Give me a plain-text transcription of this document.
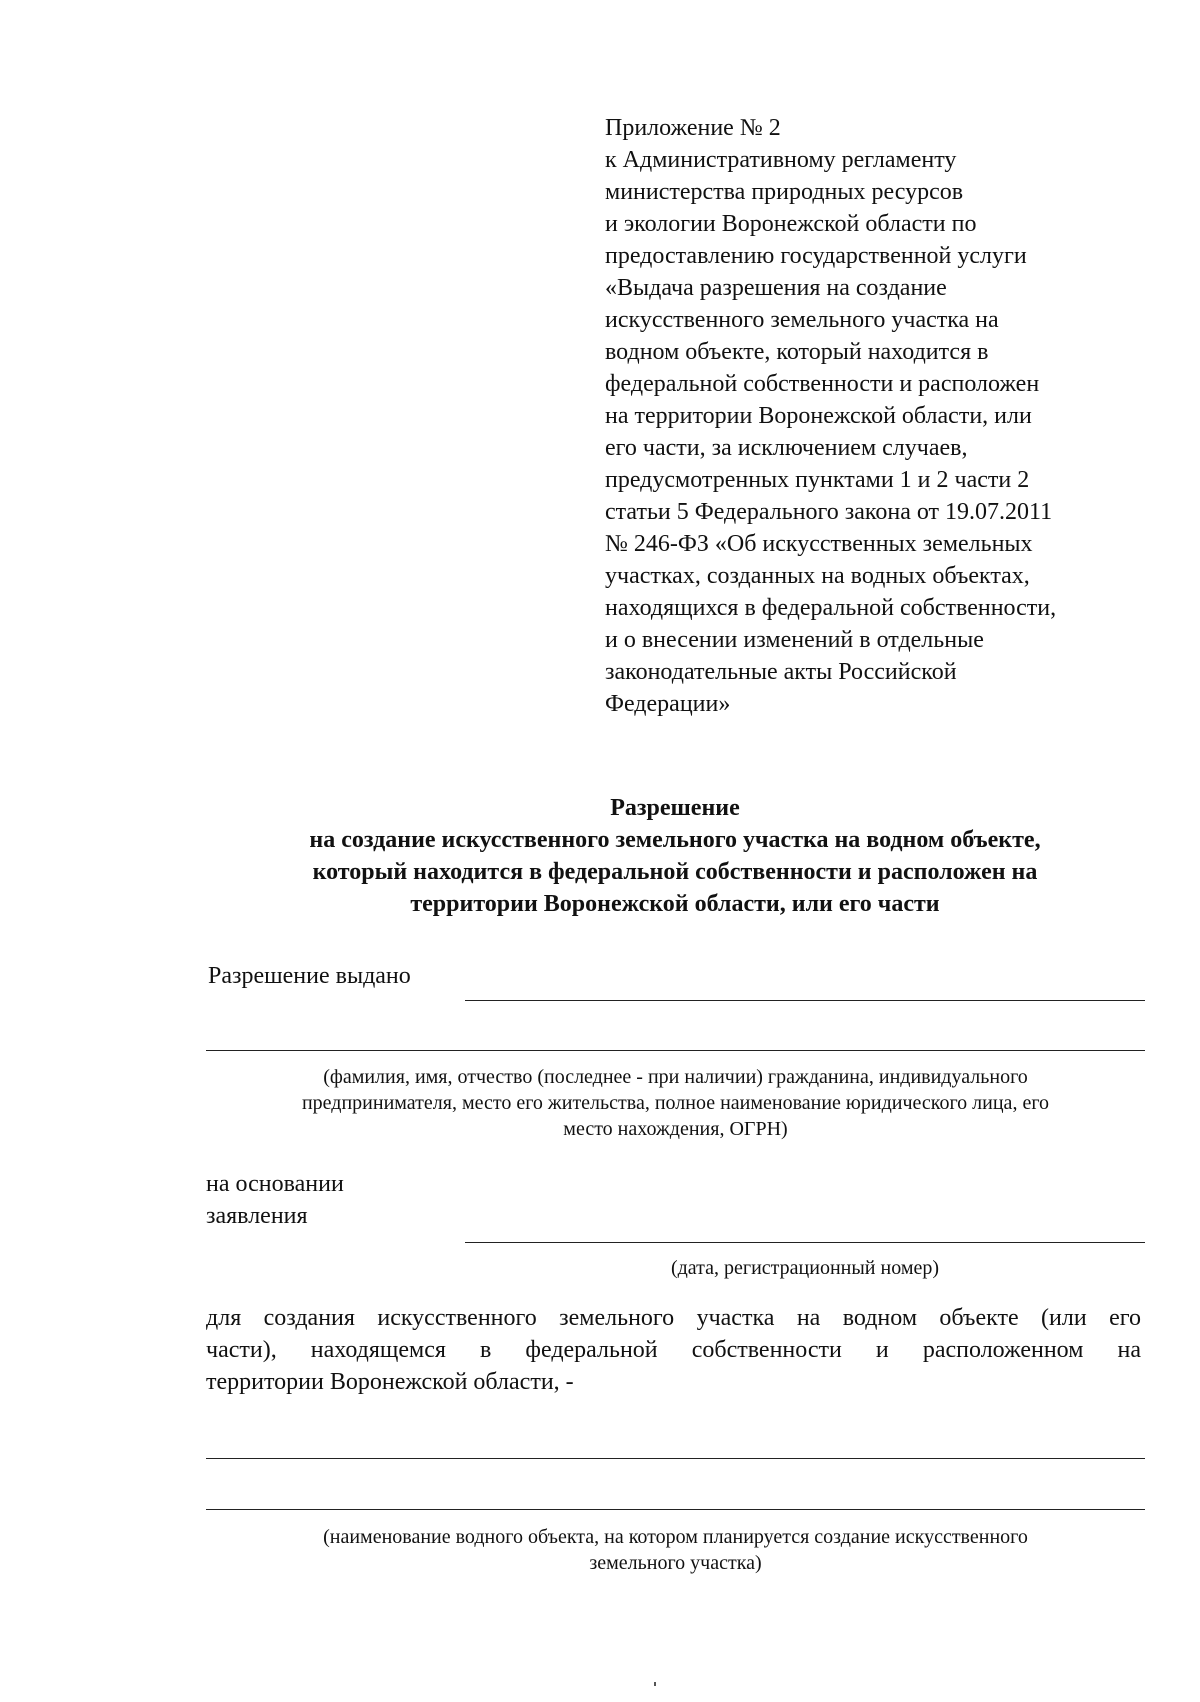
Приложение № 2
к Административному регламенту
министерства природных ресурсов
и экологии Воронежской области по
предоставлению государственной услуги
«Выдача разрешения на создание
искусственного земельного участка на
водном объекте, который находится в
федеральной собственности и расположен
на территории Воронежской области, или
его части, за исключением случаев,
предусмотренных пунктами 1 и 2 части 2
статьи 5 Федерального закона от 19.07.2011
№ 246-ФЗ «Об искусственных земельных
участках, созданных на водных объектах,
находящихся в федеральной собственности,
и о внесении изменений в отдельные
законодательные акты Российской
Федерации»
Разрешение
на создание искусственного земельного участка на водном объекте,
который находится в федеральной собственности и расположен на
территории Воронежской области, или его части
Разрешение выдано
(фамилия, имя, отчество (последнее - при наличии) гражданина, индивидуального
предпринимателя, место его жительства, полное наименование юридического лица, его
место нахождения, ОГРН)
на основании
заявления
(дата, регистрационный номер)
для создания искусственного земельного участка на водном объекте (или его
части), находящемся в федеральной собственности и расположенном на
территории Воронежской области, -
(наименование водного объекта, на котором планируется создание искусственного
земельного участка)
